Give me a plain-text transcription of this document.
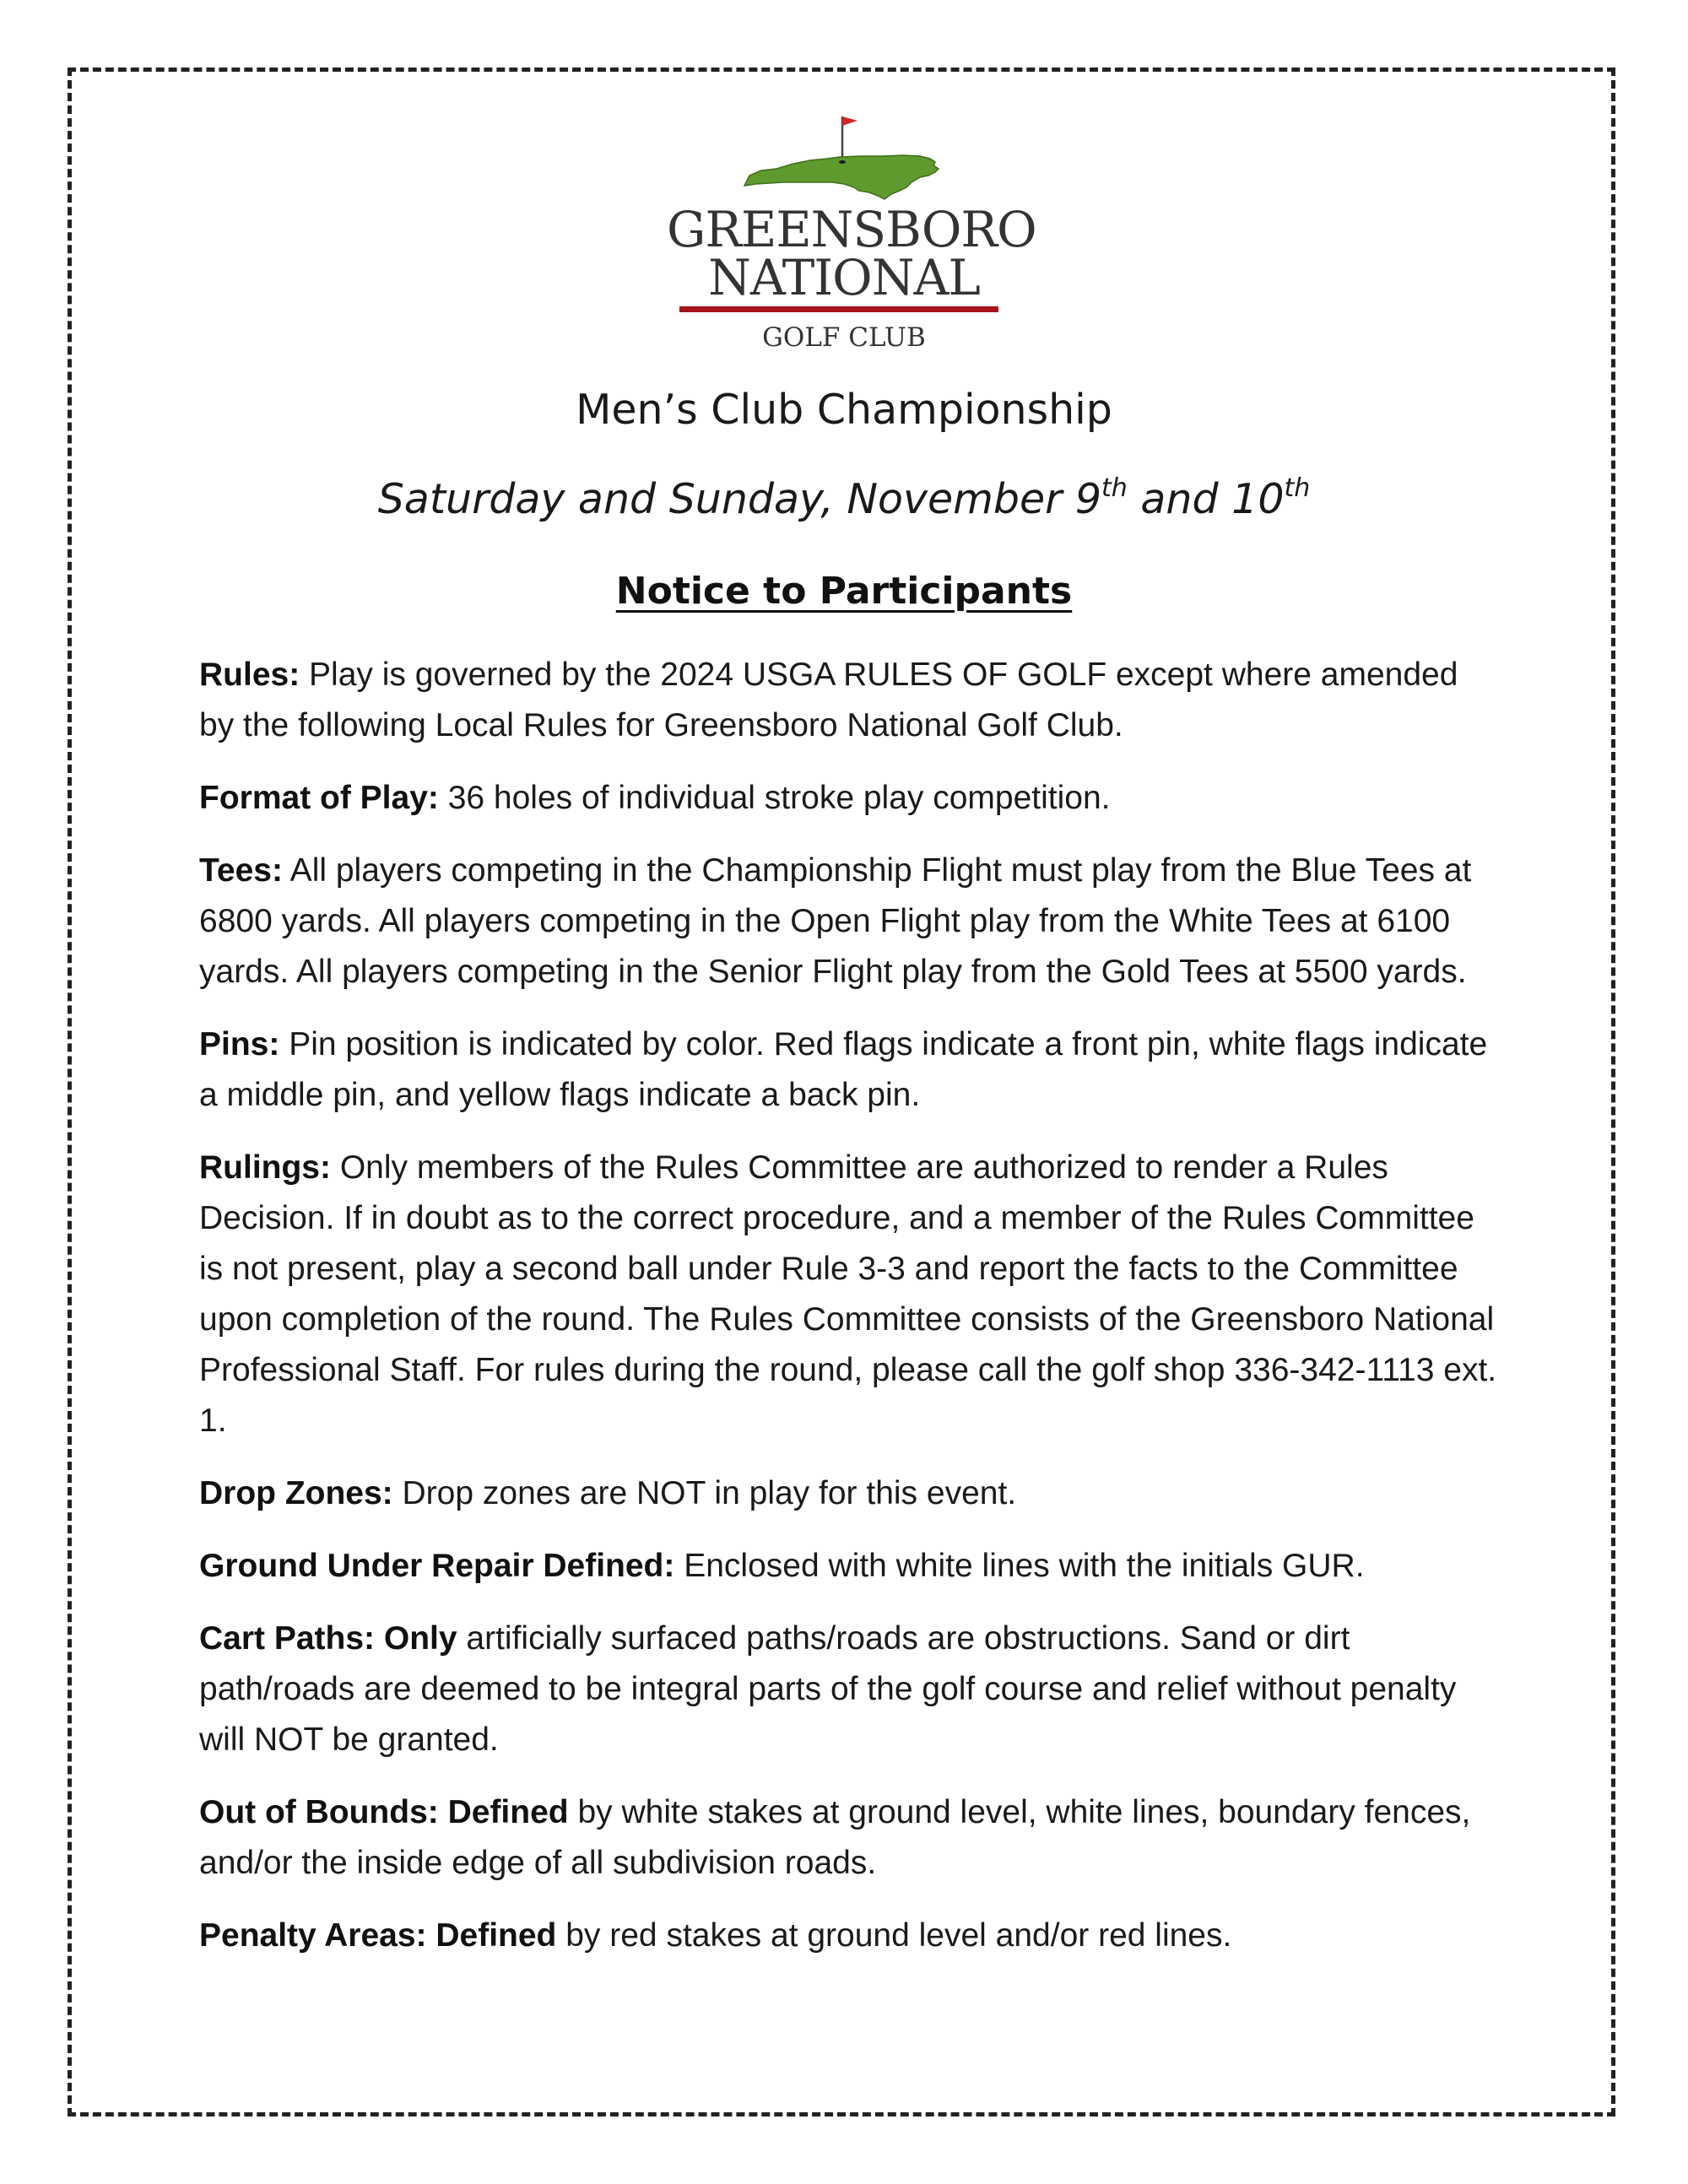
GREENSBORO
NATIONAL
GOLF CLUB
Men’s Club Championship
Saturday and Sunday, November 9th and 10th
Notice to Participants

Rules: Play is governed by the 2024 USGA RULES OF GOLF except where amended by the following Local Rules for Greensboro National Golf Club.

Format of Play: 36 holes of individual stroke play competition.

Tees: All players competing in the Championship Flight must play from the Blue Tees at 6800 yards. All players competing in the Open Flight play from the White Tees at 6100 yards. All players competing in the Senior Flight play from the Gold Tees at 5500 yards.

Pins: Pin position is indicated by color. Red flags indicate a front pin, white flags indicate a middle pin, and yellow flags indicate a back pin.

Rulings: Only members of the Rules Committee are authorized to render a Rules Decision. If in doubt as to the correct procedure, and a member of the Rules Committee is not present, play a second ball under Rule 3-3 and report the facts to the Committee upon completion of the round. The Rules Committee consists of the Greensboro National Professional Staff. For rules during the round, please call the golf shop 336-342-1113 ext. 1.

Drop Zones: Drop zones are NOT in play for this event.

Ground Under Repair Defined: Enclosed with white lines with the initials GUR.

Cart Paths: Only artificially surfaced paths/roads are obstructions. Sand or dirt path/roads are deemed to be integral parts of the golf course and relief without penalty will NOT be granted.

Out of Bounds: Defined by white stakes at ground level, white lines, boundary fences, and/or the inside edge of all subdivision roads.

Penalty Areas: Defined by red stakes at ground level and/or red lines.
